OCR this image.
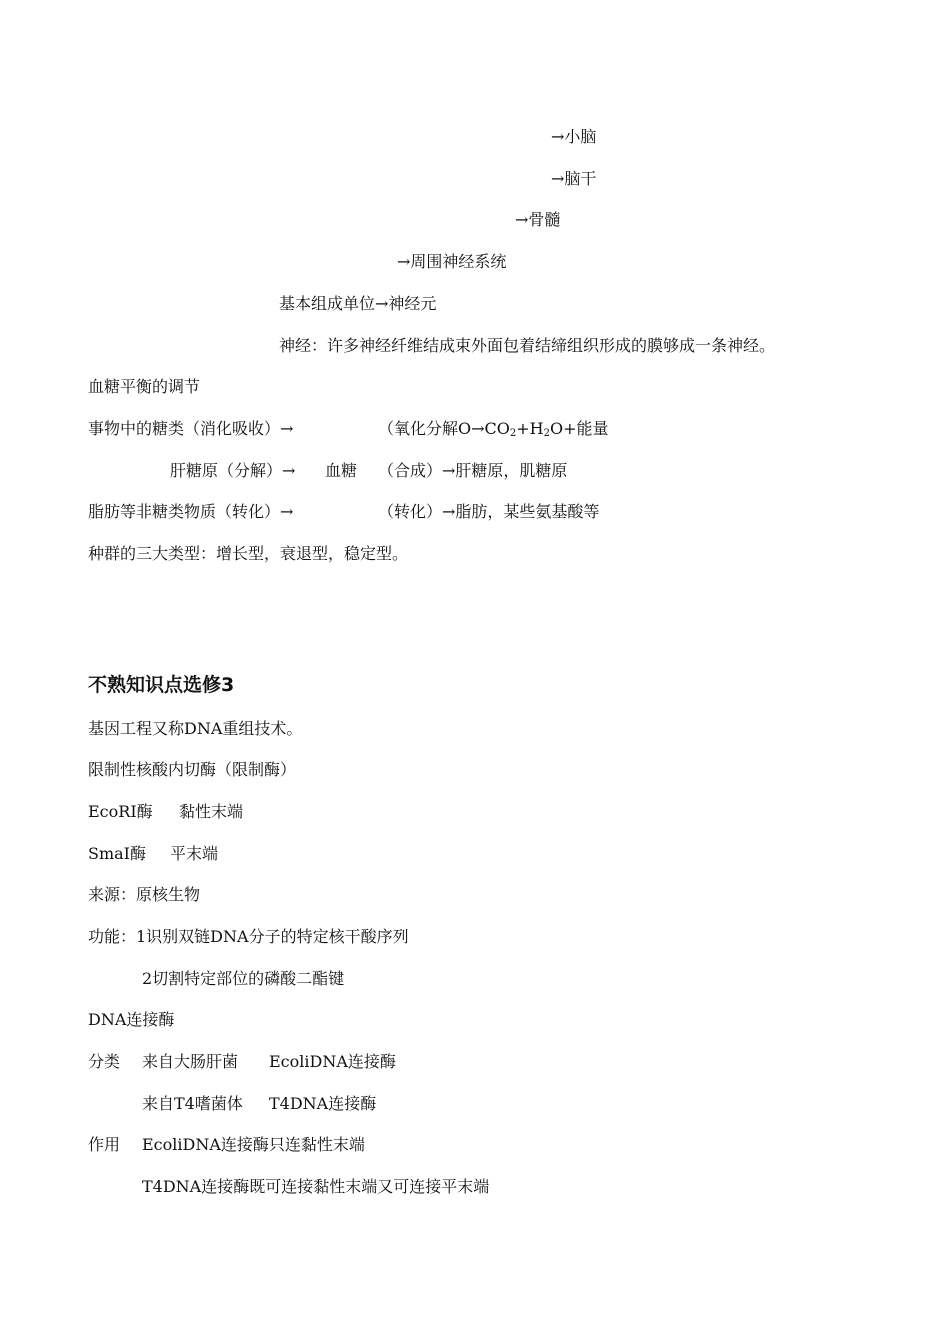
→小脑
→脑干
→骨髓
→周围神经系统
基本组成单位→神经元
神经：许多神经纤维结成束外面包着结缔组织形成的膜够成一条神经。
血糖平衡的调节
事物中的糖类（消化吸收）→	（氧化分解$O\to CO_2+H_2O+$能量
肝糖原（分解）→ 血糖 （合成）→肝糖原，肌糖原
脂肪等非糖类物质（转化）→	（转化）→脂肪，某些氨基酸等
种群的三大类型：增长型，衰退型，稳定型。
不熟知识点选修3
基因工程又称DNA重组技术。
限制性核酸内切酶（限制酶）
EcoRⅠ酶 黏性末端
SmaⅠ酶 平末端
来源：原核生物
功能：1识别双链DNA分子的特定核干酸序列
2切割特定部位的磷酸二酯键
DNA连接酶
分类 来自大肠肝菌 EcoliDNA连接酶
来自T4嗜菌体 T4DNA连接酶
作用 EcoliDNA连接酶只连黏性末端
T4DNA连接酶既可连接黏性末端又可连接平末端
